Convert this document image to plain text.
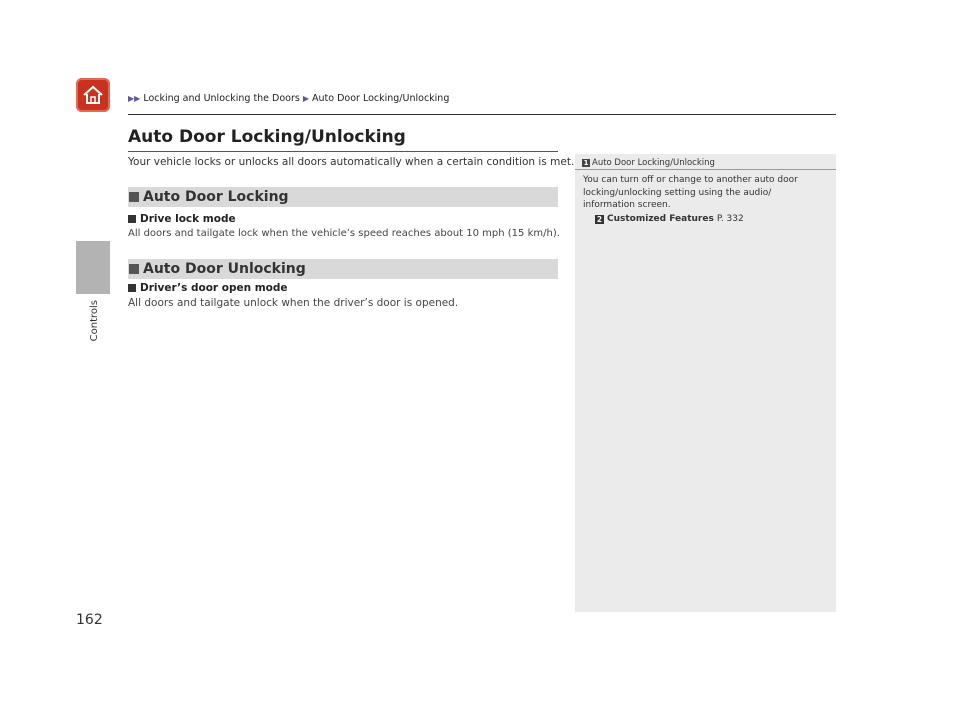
▶▶ Locking and Unlocking the Doors ▶ Auto Door Locking/Unlocking
Controls
162
Auto Door Locking/Unlocking
Your vehicle locks or unlocks all doors automatically when a certain condition is met.
Auto Door Locking
Drive lock mode
All doors and tailgate lock when the vehicle’s speed reaches about 10 mph (15 km/h).
Auto Door Unlocking
Driver’s door open mode
All doors and tailgate unlock when the driver’s door is opened.
1 Auto Door Locking/Unlocking
You can turn off or change to another auto door locking/unlocking setting using the audio/ information screen.
2 Customized Features P. 332
